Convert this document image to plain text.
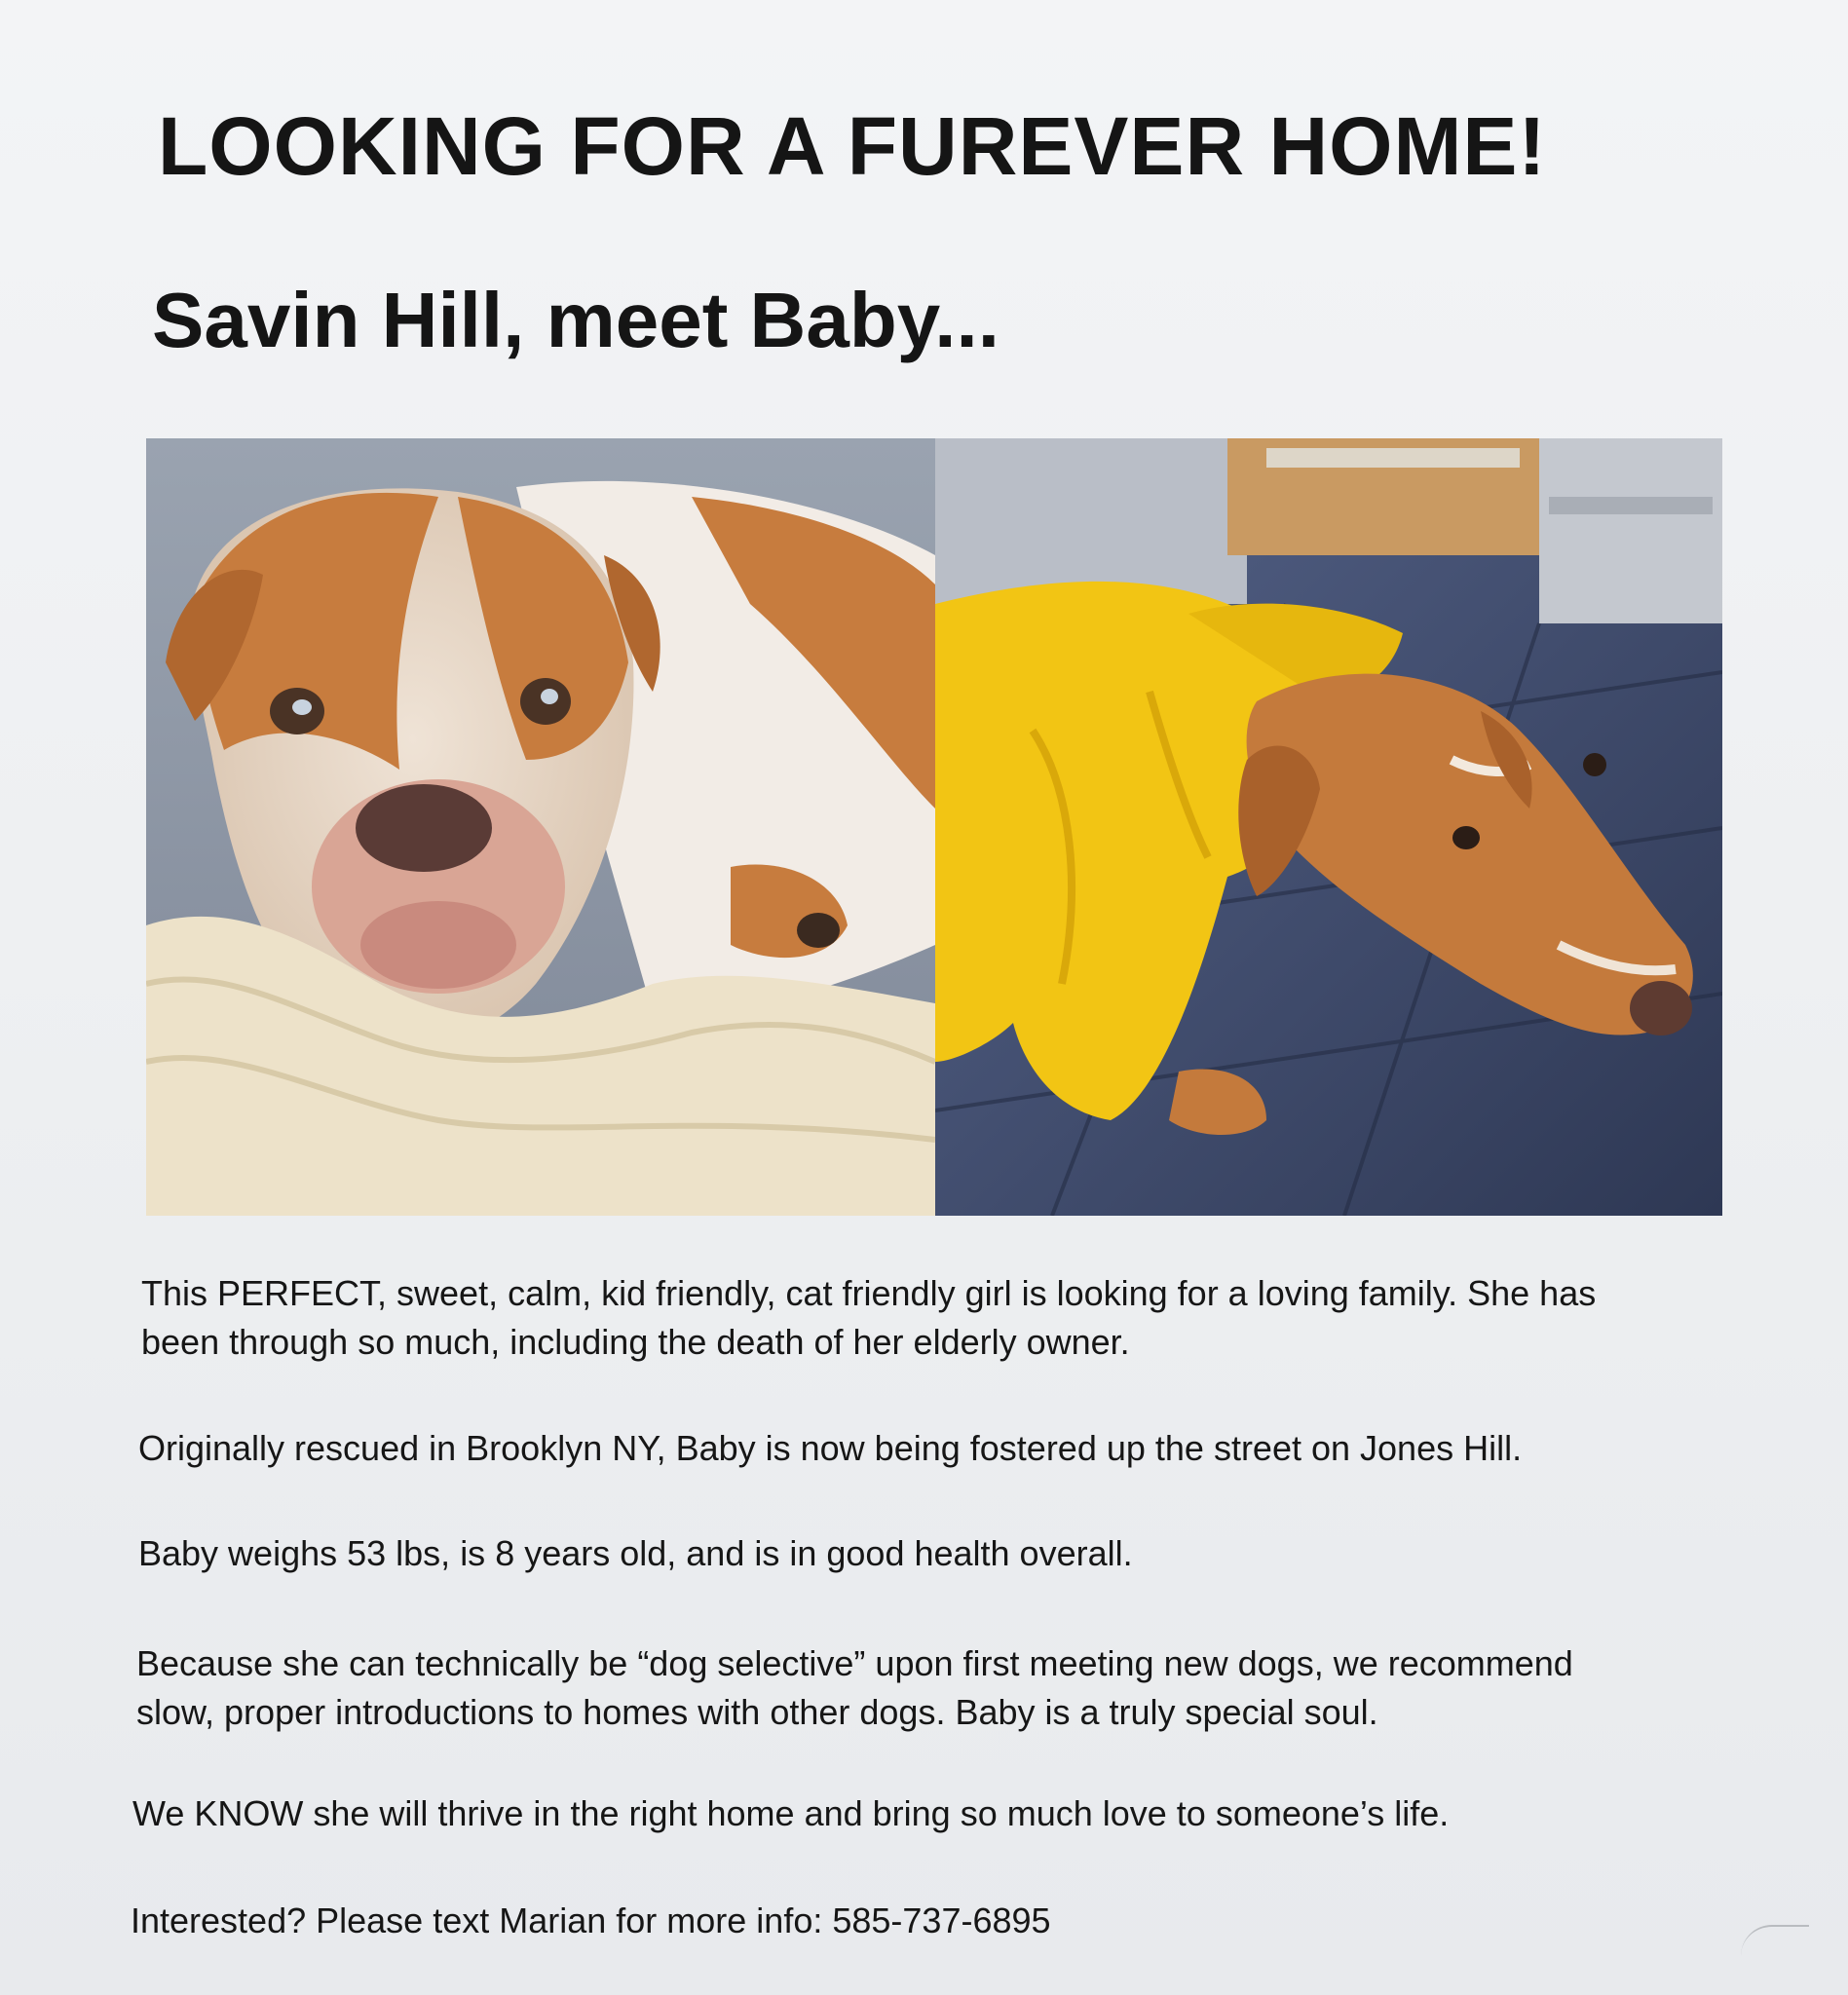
LOOKING FOR A FUREVER HOME!
Savin Hill, meet Baby...

This PERFECT, sweet, calm, kid friendly, cat friendly girl is looking for a loving family. She has
been through so much, including the death of her elderly owner.

Originally rescued in Brooklyn NY, Baby is now being fostered up the street on Jones Hill.

Baby weighs 53 lbs, is 8 years old, and is in good health overall.

Because she can technically be “dog selective” upon first meeting new dogs, we recommend
slow, proper introductions to homes with other dogs. Baby is a truly special soul.

We KNOW she will thrive in the right home and bring so much love to someone’s life.

Interested? Please text Marian for more info: 585-737-6895
